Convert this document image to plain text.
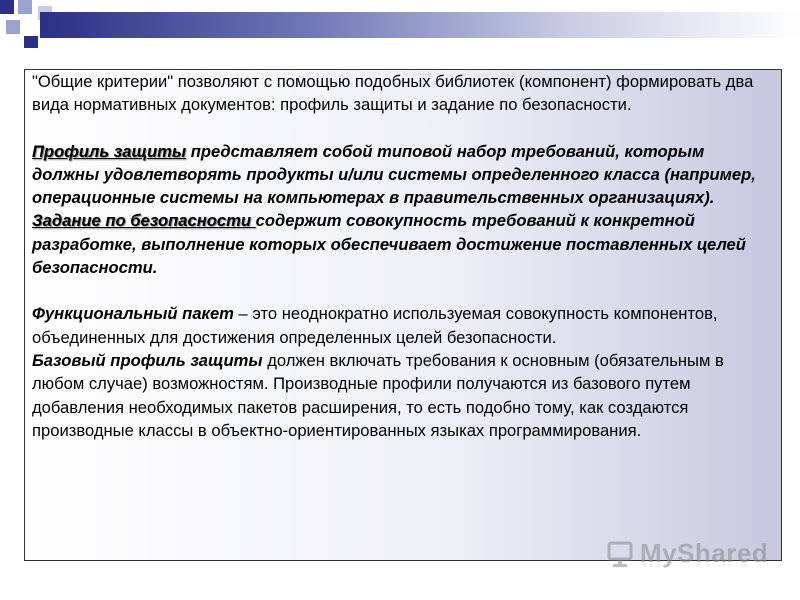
"Общие критерии" позволяют с помощью подобных библиотек (компонент) формировать два вида нормативных документов: профиль защиты и задание по безопасности.

Профиль защиты представляет собой типовой набор требований, которым должны удовлетворять продукты и/или системы определенного класса (например, операционные системы на компьютерах в правительственных организациях).

Задание по безопасности содержит совокупность требований к конкретной разработке, выполнение которых обеспечивает достижение поставленных целей безопасности.

Функциональный пакет – это неоднократно используемая совокупность компонентов, объединенных для достижения определенных целей безопасности.

Базовый профиль защиты должен включать требования к основным (обязательным в любом случае) возможностям. Производные профили получаются из базового путем добавления необходимых пакетов расширения, то есть подобно тому, как создаются производные классы в объектно-ориентированных языках программирования.

MyShared
